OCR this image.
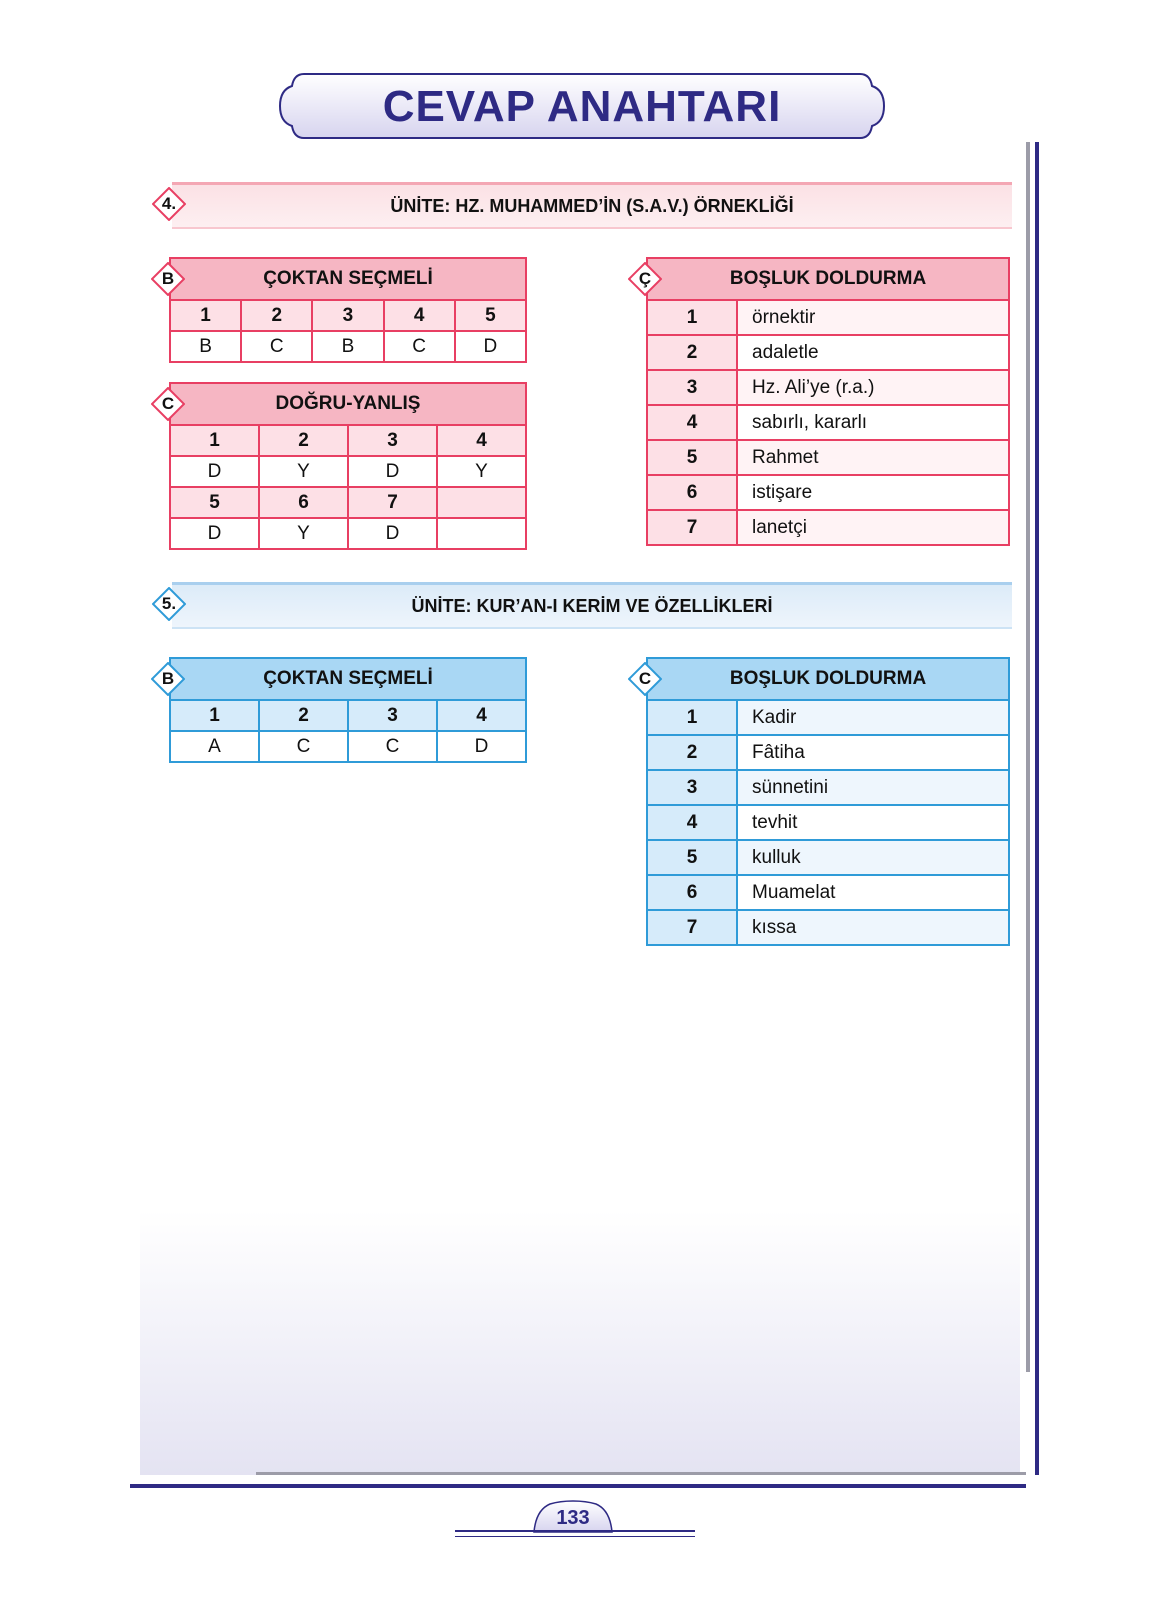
CEVAP ANAHTARI
ÜNİTE: HZ. MUHAMMED’İN (S.A.V.) ÖRNEKLİĞİ
4.
ÇOKTAN SEÇMELİ				
1	2	3	4	5
B	C	B	C	D
B
DOĞRU-YANLIŞ			
1	2	3	4
D	Y	D	Y
5	6	7	
D	Y	D	
C
BOŞLUK DOLDURMA	
1	örnektir
2	adaletle
3	Hz. Ali’ye (r.a.)
4	sabırlı, kararlı
5	Rahmet
6	istişare
7	lanetçi
Ç
ÜNİTE: KUR’AN-I KERİM VE ÖZELLİKLERİ
5.
ÇOKTAN SEÇMELİ			
1	2	3	4
A	C	C	D
B	BOŞLUK DOLDURMA	
1	Kadir
2	Fâtiha
3	sünnetini
4	tevhit
5	kulluk
6	Muamelat
7	kıssa
C
133
